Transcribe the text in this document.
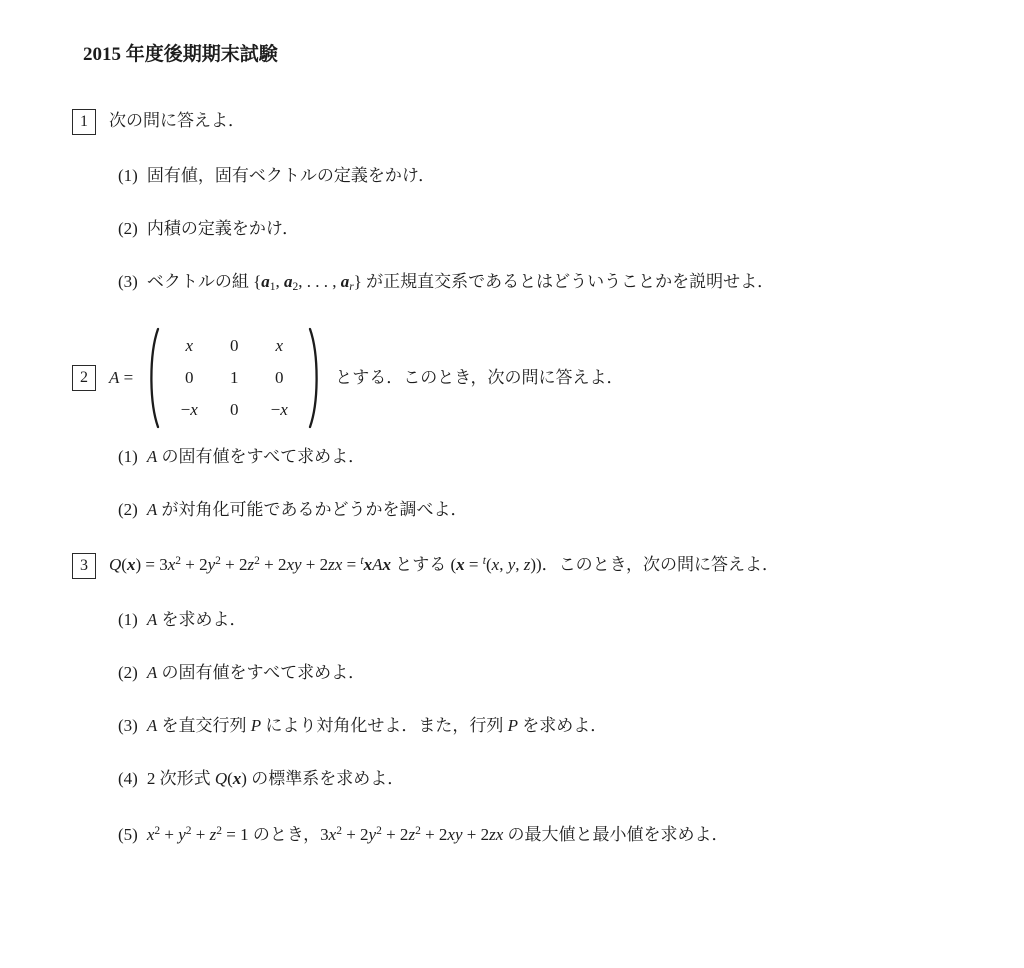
2015 年度後期期末試験
1	次の問に答えよ．
(1) 固有値，固有ベクトルの定義をかけ．
(2) 内積の定義をかけ．
(3) ベクトルの組 {a1, a2, . . . , ar} が正規直交系であるとはどういうことかを説明せよ．
2	A =
x 0 x
0 1 0
− x 0 − x
とする．このとき，次の問に答えよ．
(1) A の固有値をすべて求めよ．
(2) A が対角化可能であるかどうかを調べよ．
3	$Q(x) = 3x^2 + 2y^2 + 2z^2 + 2xy + 2zx = ^txAx$ とする (x = $^t$(x, y, z))．このとき，次の問に答えよ．
(1) A を求めよ．
(2) A の固有値をすべて求めよ．
(3) A を直交行列 P により対角化せよ．また，行列 P を求めよ．
(4) 2 次形式 Q(x) の標準系を求めよ．
(5) $x^2 + y^2 + z^2 = 1$ のとき，$3x^2 + 2y^2 + 2z^2 + 2xy + 2zx$ の最大値と最小値を求めよ．
